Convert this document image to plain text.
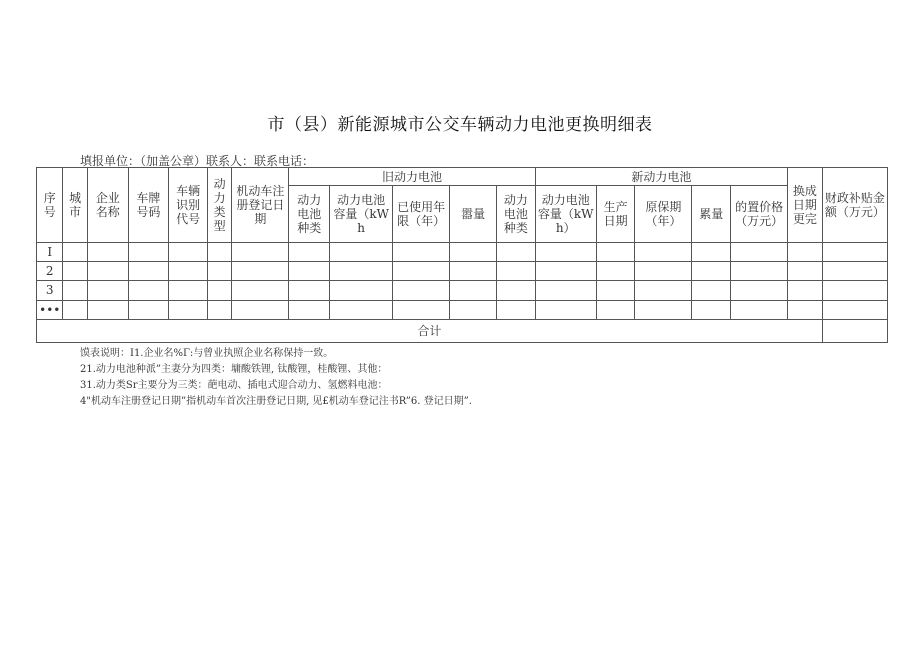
市（县）新能源城市公交车辆动力电池更换明细表
填报单位：（加盖公章）联系人：联系电话：
序号	城市	企业名称	车牌号码	车辆识别代号	动力类型	机动车注册登记日期	旧动力电池					新动力电池					换成日期更完	财政补贴金额（万元）
							动力电池种类	动力电池容量（kWh	已使用年限（年）	嚣量	动力电池种类	动力电池容量（kWh）	生产日期	原保期（年）	累量	的置价格（万元）		
I																		
2																		
3																		
•••																		
合计																		
馍表说明：I1.企业名%Γ:与曾业执照企业名称保持一致。
21.动力电池种派”主妻分为四类：墉酸铁锂, 钛酸锂，桂酸锂、其他：
31.动力类Sr主要分为三类：葩电动、插电式迎合动力、氢燃料电池：
4"机动车注册登记日期”指机动车首次注册登记日期, 见£机动车登记注书R”6. 登记日期”.
